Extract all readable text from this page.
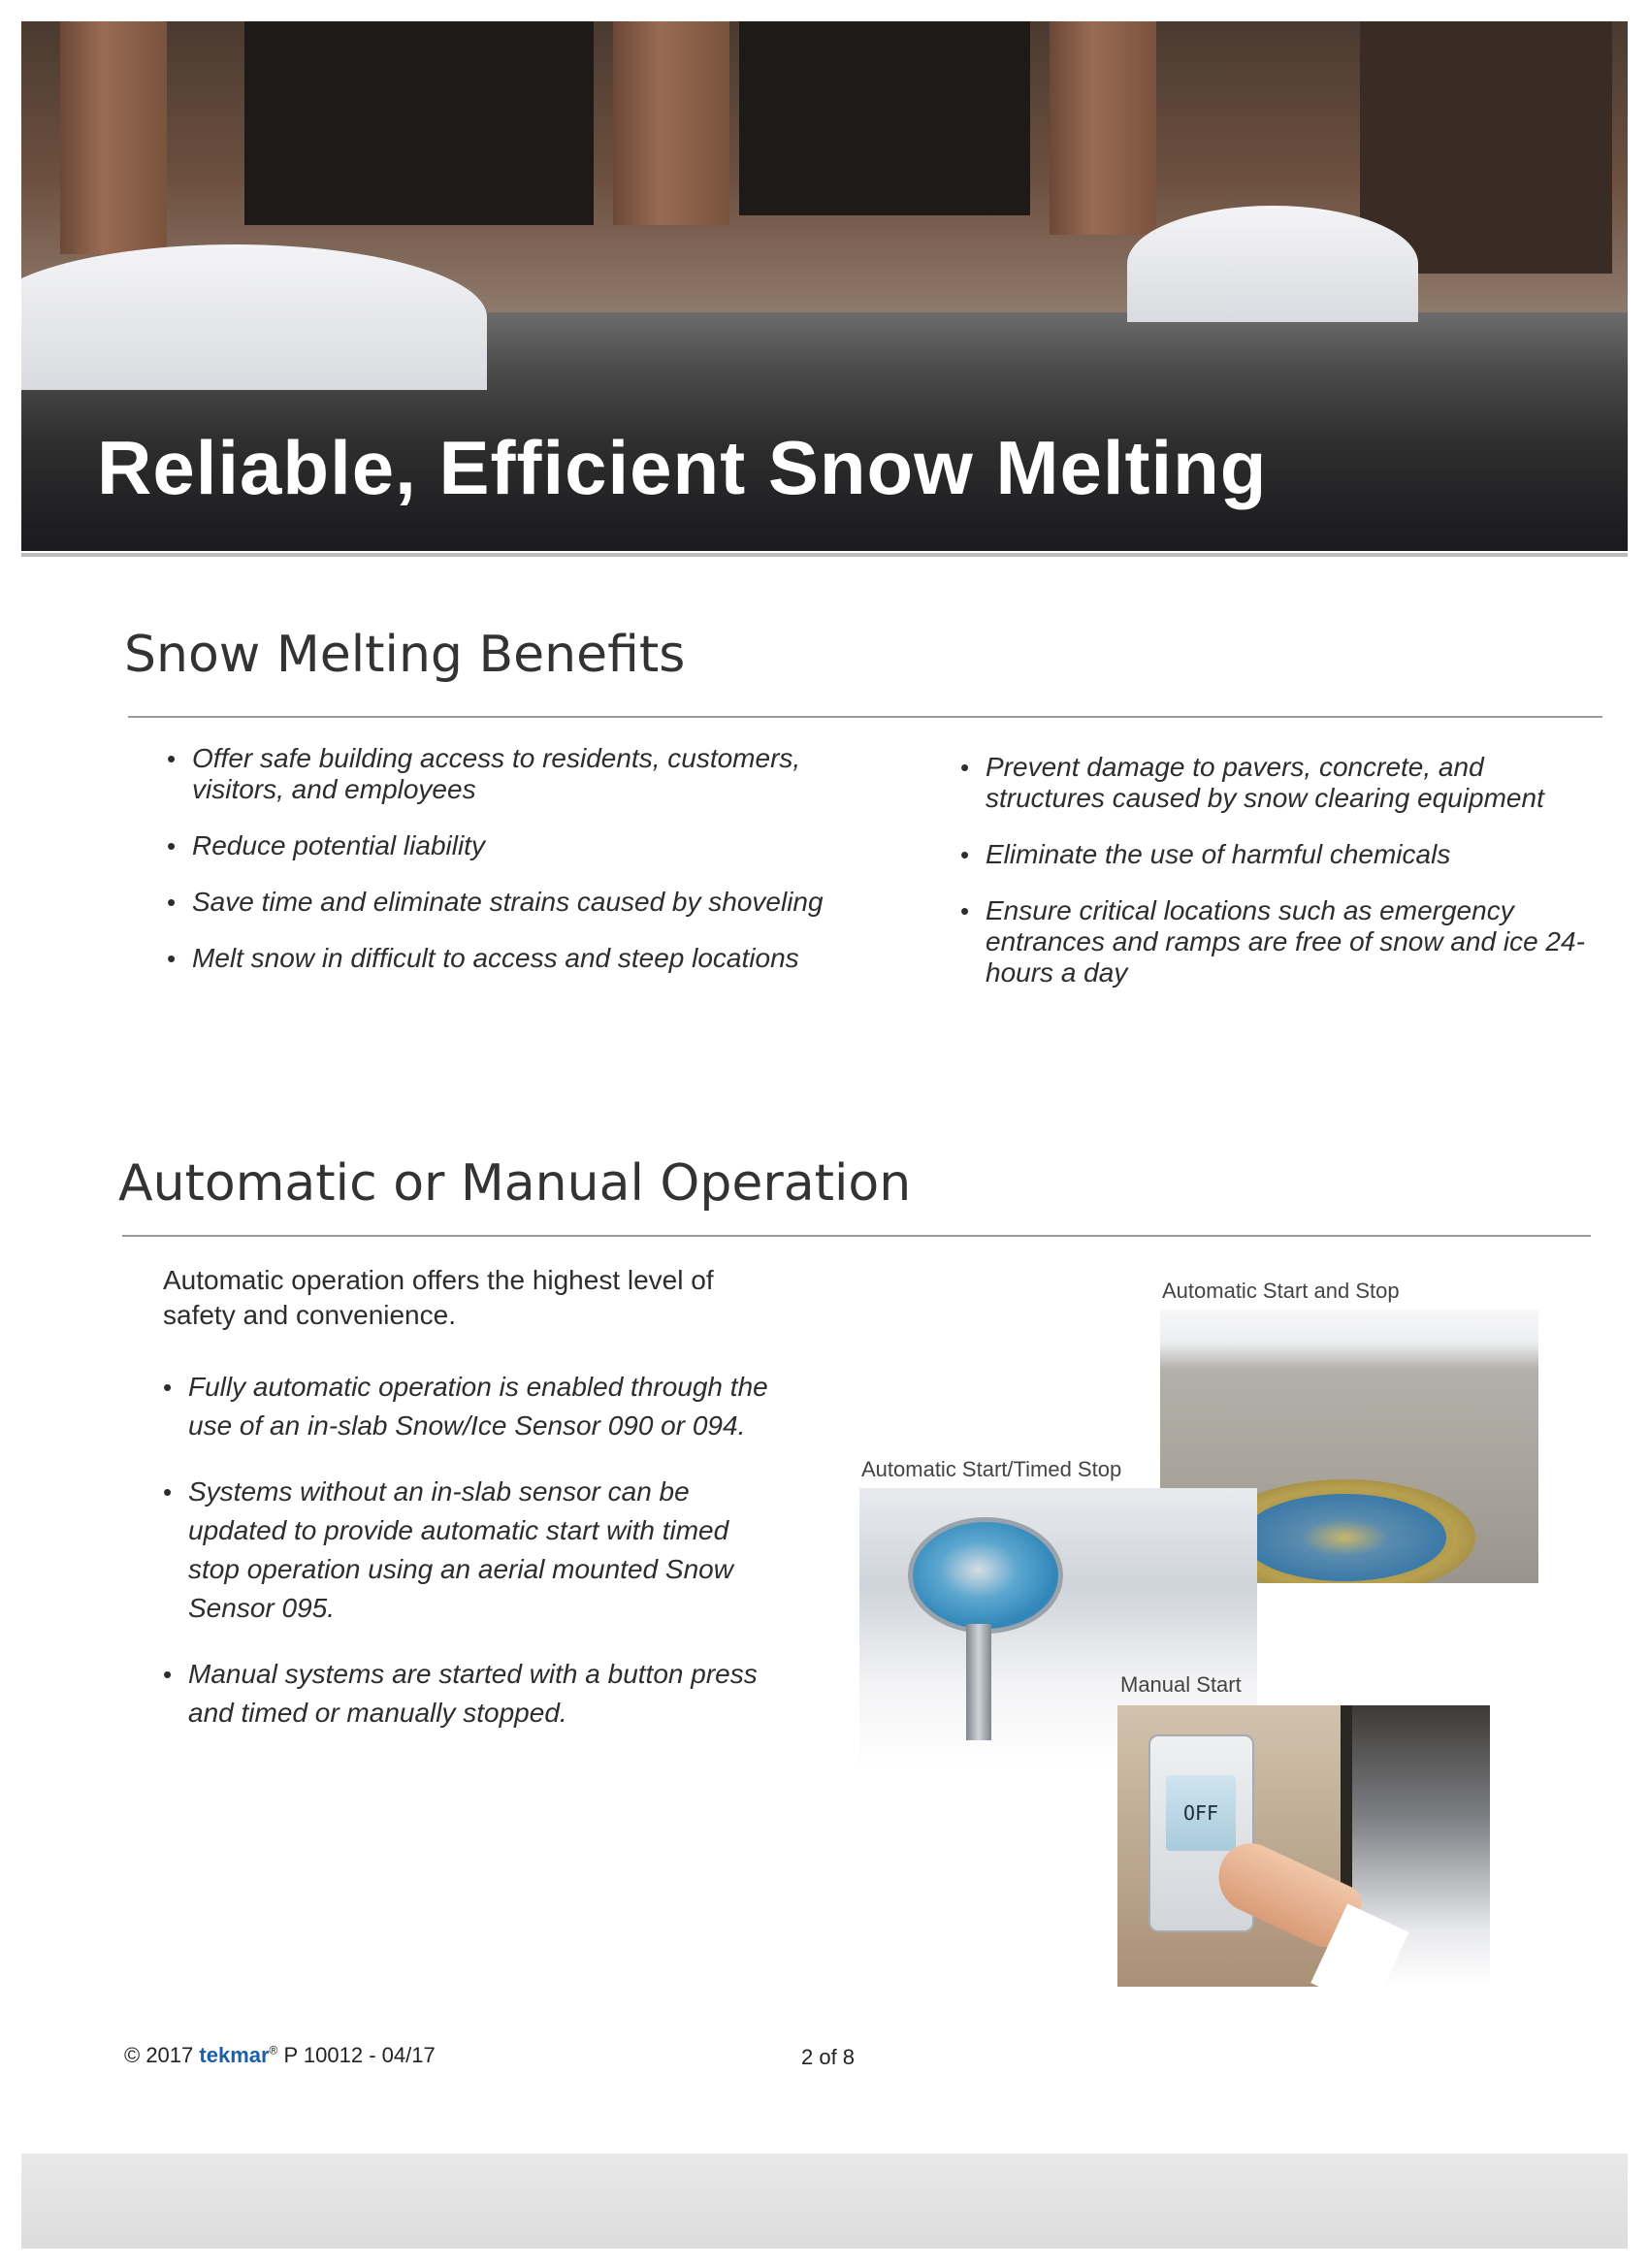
Reliable, Efficient Snow Melting
Snow Melting Benefits
• Offer safe building access to residents, customers, visitors, and employees
• Reduce potential liability
• Save time and eliminate strains caused by shoveling
• Melt snow in difficult to access and steep locations
• Prevent damage to pavers, concrete, and structures caused by snow clearing equipment
• Eliminate the use of harmful chemicals
• Ensure critical locations such as emergency entrances and ramps are free of snow and ice 24-hours a day
Automatic or Manual Operation
Automatic operation offers the highest level of safety and convenience.
• Fully automatic operation is enabled through the use of an in-slab Snow/Ice Sensor 090 or 094.
• Systems without an in-slab sensor can be updated to provide automatic start with timed stop operation using an aerial mounted Snow Sensor 095.
• Manual systems are started with a button press and timed or manually stopped.
Automatic Start and Stop
Automatic Start/Timed Stop
Manual Start
OFF
© 2017 tekmar® P 10012 - 04/17	2 of 8
